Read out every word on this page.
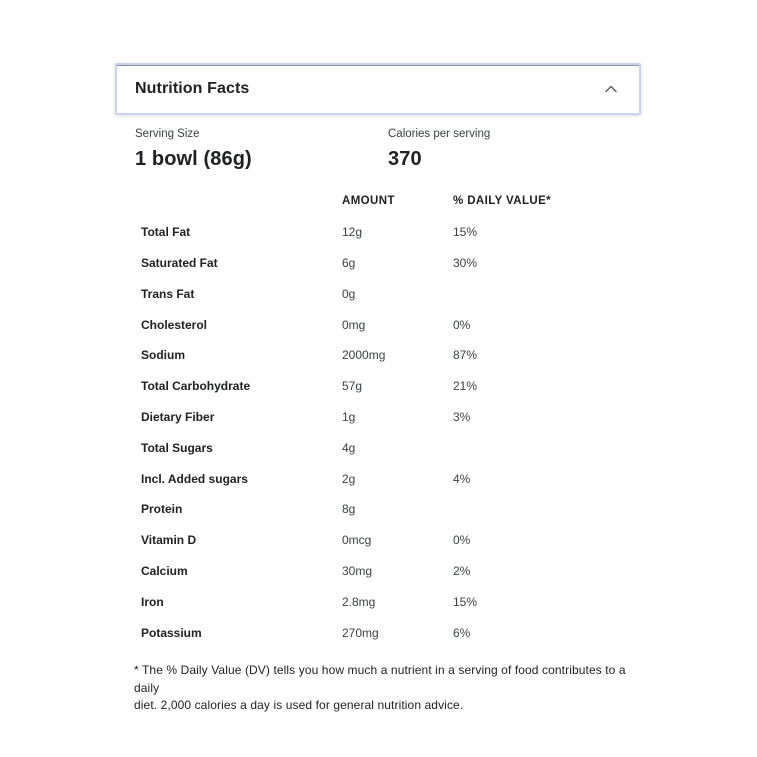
Nutrition Facts
Serving Size
1 bowl (86g)
Calories per serving
370
AMOUNT	% DAILY VALUE*
Total Fat	12g	15%
Saturated Fat	6g	30%
Trans Fat	0g
Cholesterol	0mg	0%
Sodium	2000mg	87%
Total Carbohydrate	57g	21%
Dietary Fiber	1g	3%
Total Sugars	4g
Incl. Added sugars	2g	4%
Protein	8g
Vitamin D	0mcg	0%
Calcium	30mg	2%
Iron	2.8mg	15%
Potassium	270mg	6%
* The % Daily Value (DV) tells you how much a nutrient in a serving of food contributes to a daily
diet. 2,000 calories a day is used for general nutrition advice.
